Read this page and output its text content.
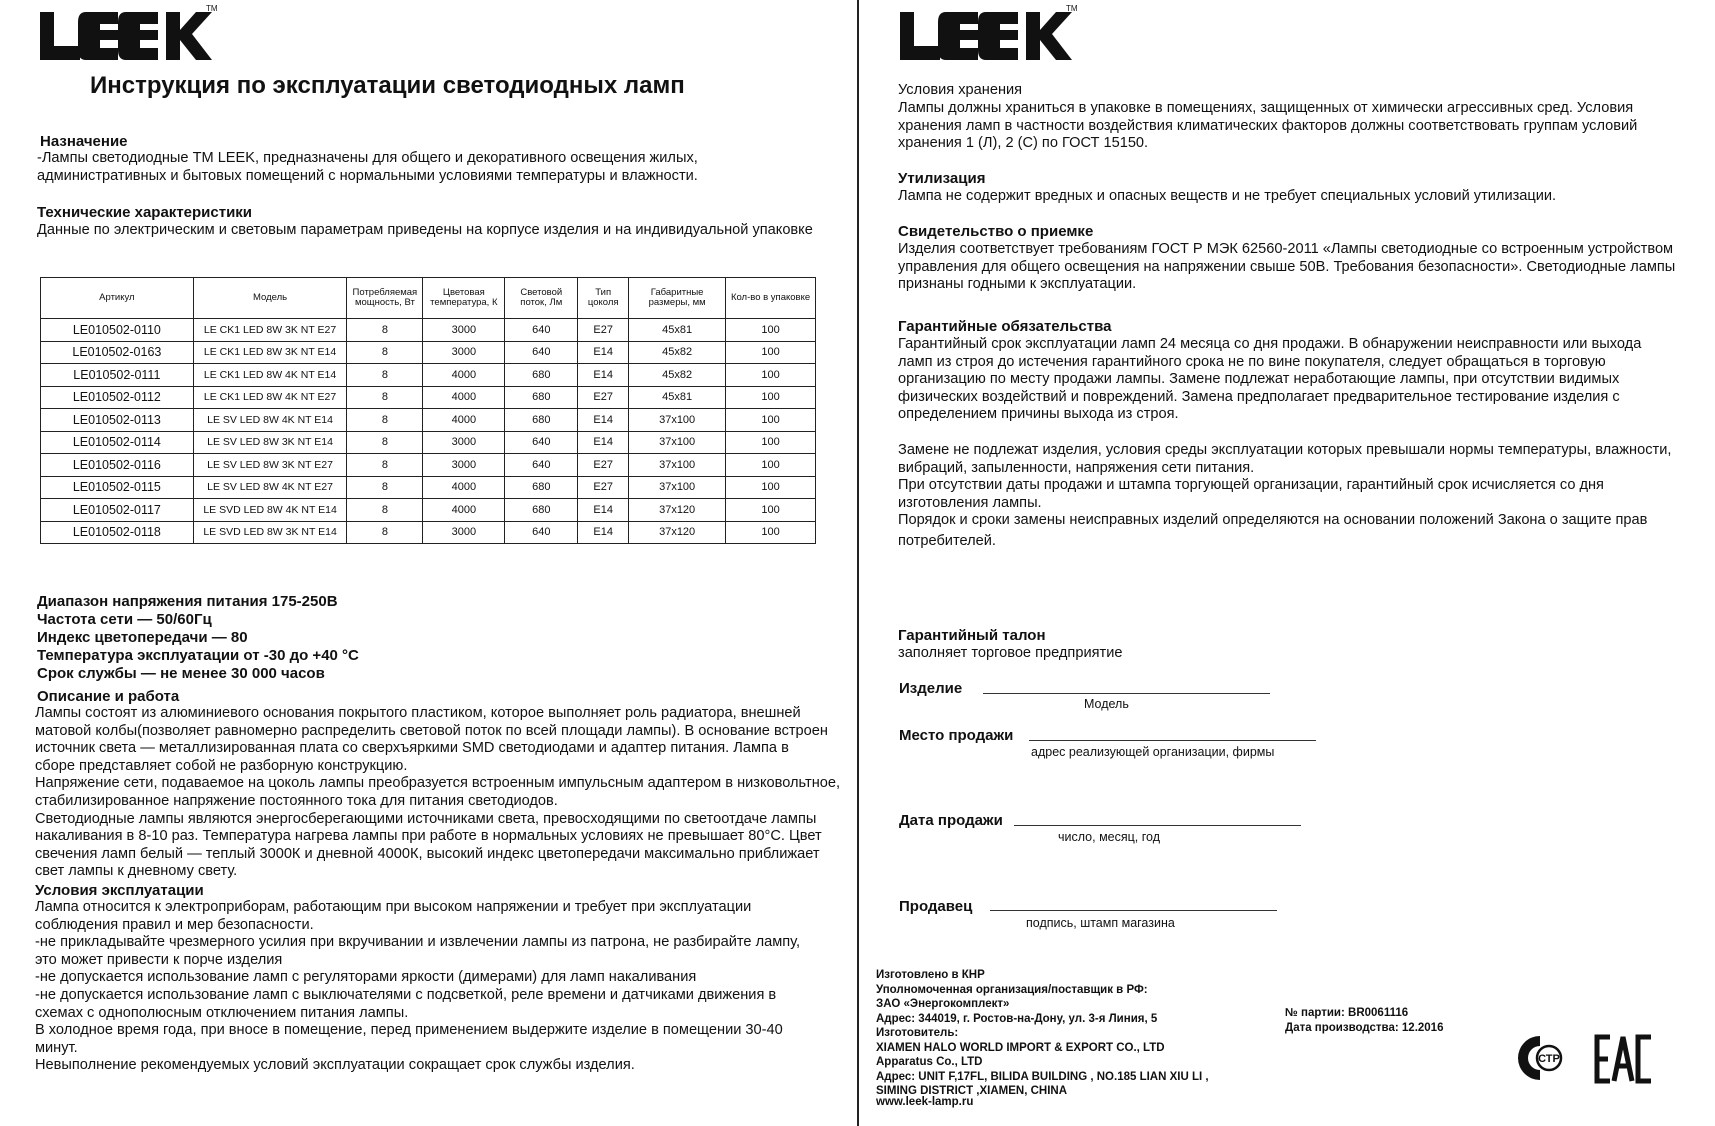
TM	TM
Инструкция по эксплуатации светодиодных ламп
Назначение
-Лампы светодиодные ТМ LEEK, предназначены для общего и декоративного освещения жилых,
административных и бытовых помещений с нормальными условиями температуры и влажности.
Технические характеристики
Данные по электрическим и световым параметрам приведены на корпусе изделия и на индивидуальной упаковке
Артикул	Модель	Потребляемая мощность, Вт	Цветовая температура, К	Световой поток, Лм	Тип цоколя	Габаритные размеры, мм	Кол-во в упаковке
LE010502-0110	LE CK1 LED 8W 3K NT E27	8	3000	640	E27	45x81	100
LE010502-0163	LE CK1 LED 8W 3K NT E14	8	3000	640	E14	45x82	100
LE010502-0111	LE CK1 LED 8W 4K NT E14	8	4000	680	E14	45x82	100
LE010502-0112	LE CK1 LED 8W 4K NT E27	8	4000	680	E27	45x81	100
LE010502-0113	LE SV LED 8W 4K NT E14	8	4000	680	E14	37x100	100
LE010502-0114	LE SV LED 8W 3K NT E14	8	3000	640	E14	37x100	100
LE010502-0116	LE SV LED 8W 3K NT E27	8	3000	640	E27	37x100	100
LE010502-0115	LE SV LED 8W 4K NT E27	8	4000	680	E27	37x100	100
LE010502-0117	LE SVD LED 8W 4K NT E14	8	4000	680	E14	37x120	100
LE010502-0118	LE SVD LED 8W 3K NT E14	8	3000	640	E14	37x120	100
Диапазон напряжения питания 175-250В
Частота сети — 50/60Гц
Индекс цветопередачи — 80
Температура эксплуатации от -30 до +40 °С
Срок службы — не менее 30 000 часов
Описание и работа
Лампы состоят из алюминиевого основания покрытого пластиком, которое выполняет роль радиатора, внешней
матовой колбы(позволяет равномерно распределить световой поток по всей площади лампы). В основание встроен
источник света — металлизированная плата со сверхъяркими SMD светодиодами и адаптер питания. Лампа в
сборе представляет собой не разборную конструкцию.
Напряжение сети, подаваемое на цоколь лампы преобразуется встроенным импульсным адаптером в низковольтное,
стабилизированное напряжение постоянного тока для питания светодиодов.
Светодиодные лампы являются энергосберегающими источниками света, превосходящими по светоотдаче лампы
накаливания в 8-10 раз. Температура нагрева лампы при работе в нормальных условиях не превышает 80°С. Цвет
свечения ламп белый — теплый 3000К и дневной 4000К, высокий индекс цветопередачи максимально приближает
свет лампы к дневному свету.
Условия эксплуатации
Лампа относится к электроприборам, работающим при высоком напряжении и требует при эксплуатации
соблюдения правил и мер безопасности.
-не прикладывайте чрезмерного усилия при вкручивании и извлечении лампы из патрона, не разбирайте лампу,
это может привести к порче изделия
-не допускается использование ламп с регуляторами яркости (димерами) для ламп накаливания
-не допускается использование ламп с выключателями с подсветкой, реле времени и датчиками движения в
схемах с однополюсным отключением питания лампы.
В холодное время года, при вносе в помещение, перед применением выдержите изделие в помещении 30-40
минут.
Невыполнение рекомендуемых условий эксплуатации сокращает срок службы изделия.
Условия хранения
Лампы должны храниться в упаковке в помещениях, защищенных от химически агрессивных сред. Условия
хранения ламп в частности воздействия климатических факторов должны соответствовать группам условий
хранения 1 (Л), 2 (С) по ГОСТ 15150.
Утилизация
Лампа не содержит вредных и опасных веществ и не требует специальных условий утилизации.
Свидетельство о приемке
Изделия соответствует требованиям ГОСТ Р МЭК 62560-2011 «Лампы светодиодные со встроенным устройством
управления для общего освещения на напряжении свыше 50В. Требования безопасности». Светодиодные лампы
признаны годными к эксплуатации.
Гарантийные обязательства
Гарантийный срок эксплуатации ламп 24 месяца со дня продажи. В обнаружении неисправности или выхода
ламп из строя до истечения гарантийного срока не по вине покупателя, следует обращаться в торговую
организацию по месту продажи лампы. Замене подлежат неработающие лампы, при отсутствии видимых
физических воздействий и повреждений. Замена предполагает предварительное тестирование изделия с
определением причины выхода из строя.
Замене не подлежат изделия, условия среды эксплуатации которых превышали нормы температуры, влажности,
вибраций, запыленности, напряжения сети питания.
При отсутствии даты продажи и штампа торгующей организации, гарантийный срок исчисляется со дня
изготовления лампы.
Порядок и сроки замены неисправных изделий определяются на основании положений Закона о защите прав
потребителей.
Гарантийный талон
заполняет торговое предприятие
Изделие
Модель
Место продажи
адрес реализующей организации, фирмы
Дата продажи
число, месяц, год
Продавец
подпись, штамп магазина
Изготовлено в КНР
Уполномоченная организация/поставщик в РФ:
ЗАО «Энергокомплект»
Адрес: 344019, г. Ростов-на-Дону, ул. 3-я Линия, 5
Изготовитель:
XIAMEN HALO WORLD IMPORT & EXPORT CO., LTD
Apparatus Co., LTD
Адрес: UNIT F,17FL, BILIDA BUILDING , NO.185 LIAN XIU LI ,
SIMING DISTRICT ,XIAMEN, CHINA
www.leek-lamp.ru
№ партии: BR0061116
Дата производства: 12.2016
СТР
ЕАС
